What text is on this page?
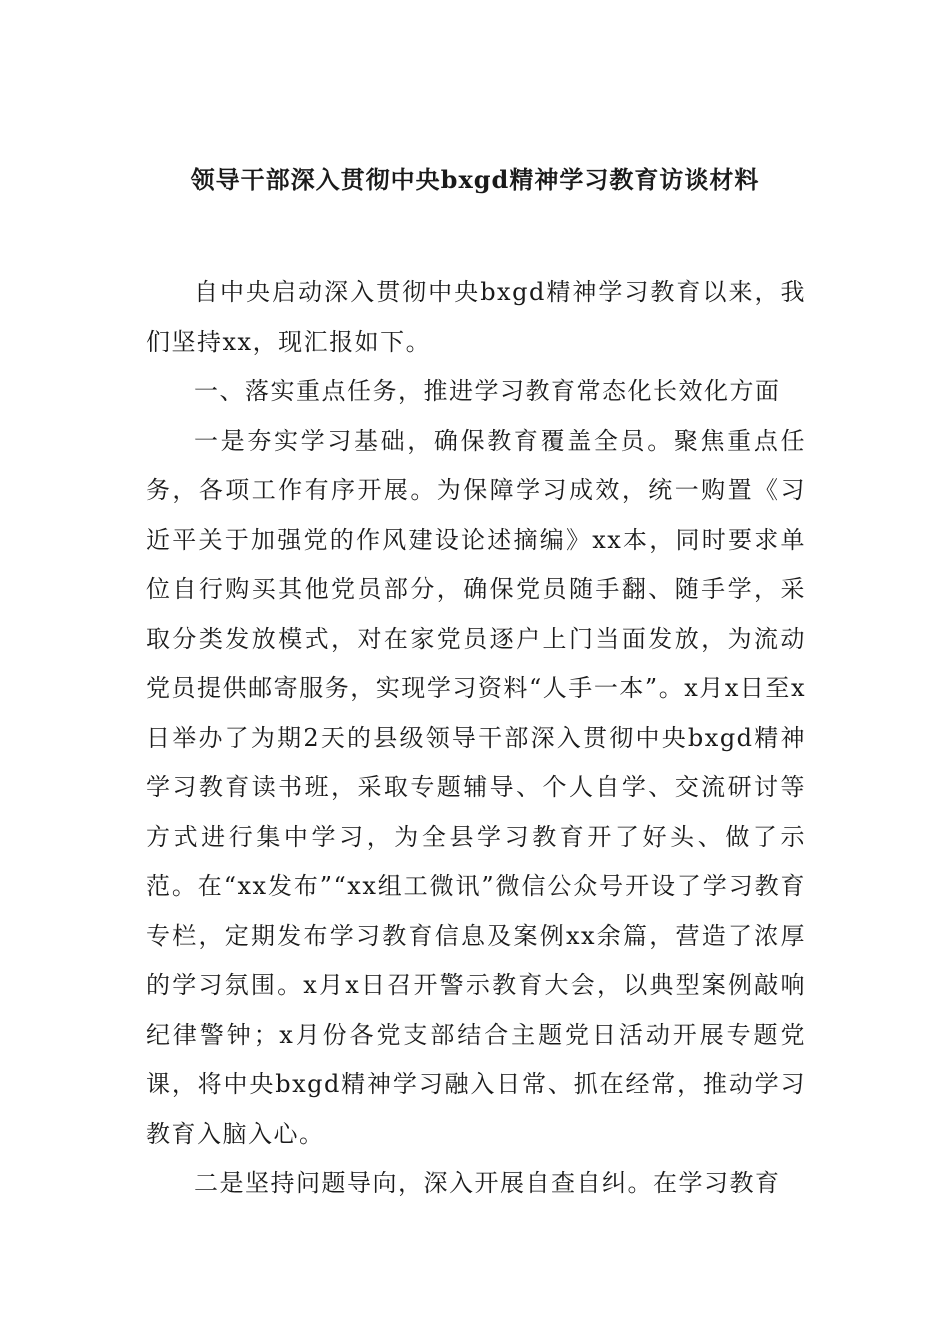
领导干部深入贯彻中央bxgd精神学习教育访谈材料

自中央启动深入贯彻中央bxgd精神学习教育以来，我们坚持xx，现汇报如下。

一、落实重点任务，推进学习教育常态化长效化方面

一是夯实学习基础，确保教育覆盖全员。聚焦重点任务，各项工作有序开展。为保障学习成效，统一购置《习近平关于加强党的作风建设论述摘编》xx本，同时要求单位自行购买其他党员部分，确保党员随手翻、随手学，采取分类发放模式，对在家党员逐户上门当面发放，为流动党员提供邮寄服务，实现学习资料“人手一本”。x月x日至x日举办了为期2天的县级领导干部深入贯彻中央bxgd精神学习教育读书班，采取专题辅导、个人自学、交流研讨等方式进行集中学习，为全县学习教育开了好头、做了示范。在“xx发布”“xx组工微讯”微信公众号开设了学习教育专栏，定期发布学习教育信息及案例xx余篇，营造了浓厚的学习氛围。x月x日召开警示教育大会，以典型案例敲响纪律警钟；x月份各党支部结合主题党日活动开展专题党课，将中央bxgd精神学习融入日常、抓在经常，推动学习教育入脑入心。

二是坚持问题导向，深入开展自查自纠。在学习教育
